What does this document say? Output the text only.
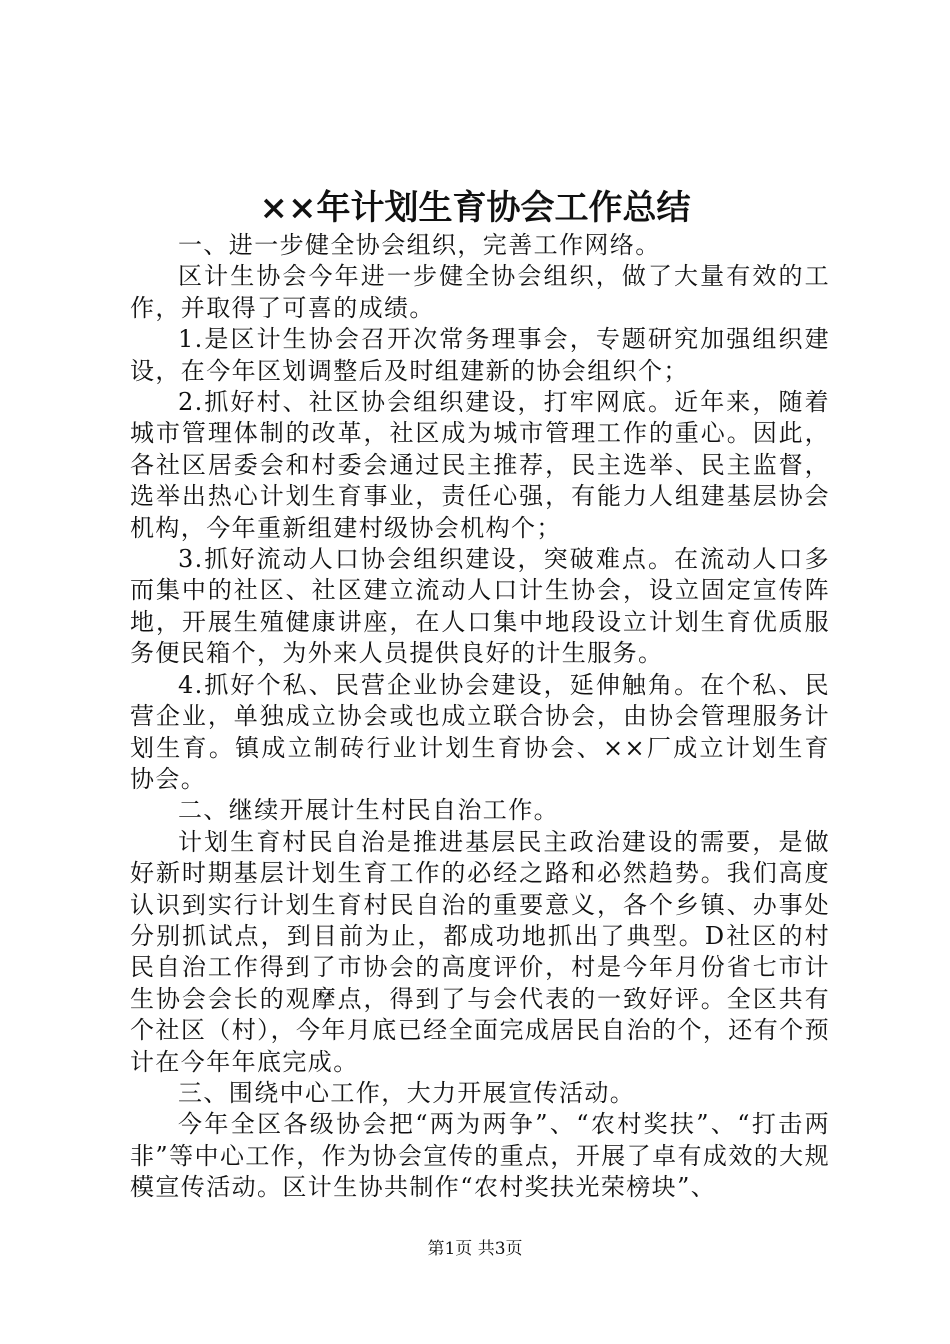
××年计划生育协会工作总结

一、进一步健全协会组织，完善工作网络。

区计生协会今年进一步健全协会组织，做了大量有效的工作，并取得了可喜的成绩。

1.是区计生协会召开次常务理事会，专题研究加强组织建设，在今年区划调整后及时组建新的协会组织个；

2.抓好村、社区协会组织建设，打牢网底。近年来，随着城市管理体制的改革，社区成为城市管理工作的重心。因此，各社区居委会和村委会通过民主推荐，民主选举、民主监督，选举出热心计划生育事业，责任心强，有能力人组建基层协会机构，今年重新组建村级协会机构个；

3.抓好流动人口协会组织建设，突破难点。在流动人口多而集中的社区、社区建立流动人口计生协会，设立固定宣传阵地，开展生殖健康讲座，在人口集中地段设立计划生育优质服务便民箱个，为外来人员提供良好的计生服务。

4.抓好个私、民营企业协会建设，延伸触角。在个私、民营企业，单独成立协会或也成立联合协会，由协会管理服务计划生育。镇成立制砖行业计划生育协会、××厂成立计划生育协会。

二、继续开展计生村民自治工作。

计划生育村民自治是推进基层民主政治建设的需要，是做好新时期基层计划生育工作的必经之路和必然趋势。我们高度认识到实行计划生育村民自治的重要意义，各个乡镇、办事处分别抓试点，到目前为止，都成功地抓出了典型。D社区的村民自治工作得到了市协会的高度评价，村是今年月份省七市计生协会会长的观摩点，得到了与会代表的一致好评。全区共有个社区（村），今年月底已经全面完成居民自治的个，还有个预计在今年年底完成。

三、围绕中心工作，大力开展宣传活动。

今年全区各级协会把“两为两争”、“农村奖扶”、“打击两非”等中心工作，作为协会宣传的重点，开展了卓有成效的大规模宣传活动。区计生协共制作“农村奖扶光荣榜块”、

第1页 共3页
